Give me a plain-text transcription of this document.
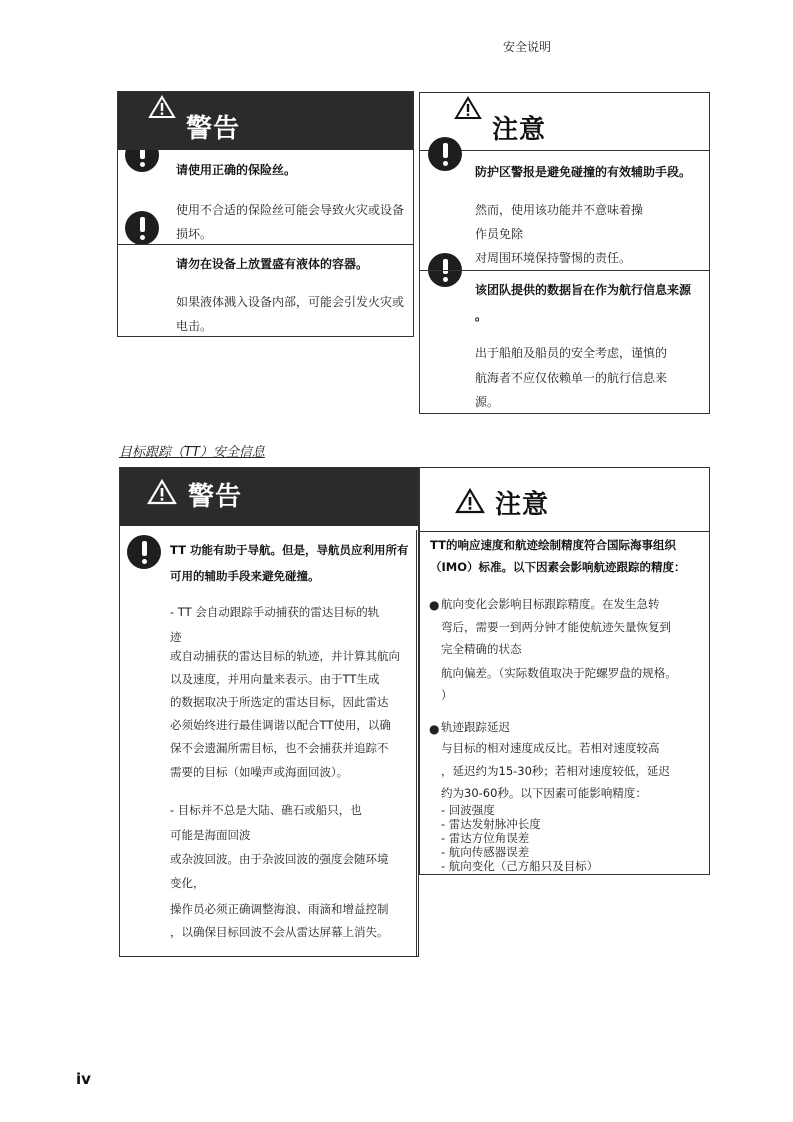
安全说明
iv
警告
请使用正确的保险丝。
使用不合适的保险丝可能会导致火灾或设备
损坏。
请勿在设备上放置盛有液体的容器。
如果液体溅入设备内部，可能会引发火灾或
电击。
注意
防护区警报是避免碰撞的有效辅助手段。
然而，使用该功能并不意味着操
作员免除
对周围环境保持警惕的责任。
该团队提供的数据旨在作为航行信息来源
。
出于船舶及船员的安全考虑，谨慎的
航海者不应仅依赖单一的航行信息来
源。
目标跟踪（TT）安全信息
警告
TT 功能有助于导航。但是，导航员应利用所有
可用的辅助手段来避免碰撞。
- TT 会自动跟踪手动捕获的雷达目标的轨
迹
或自动捕获的雷达目标的轨迹，并计算其航向
以及速度，并用向量来表示。由于TT生成
的数据取决于所选定的雷达目标，因此雷达
必须始终进行最佳调谐以配合TT使用，以确
保不会遗漏所需目标，也不会捕获并追踪不
需要的目标（如噪声或海面回波）。
- 目标并不总是大陆、礁石或船只，也
可能是海面回波
或杂波回波。由于杂波回波的强度会随环境
变化，
操作员必须正确调整海浪、雨滴和增益控制
，以确保目标回波不会从雷达屏幕上消失。
注意
TT的响应速度和航迹绘制精度符合国际海事组织
（IMO）标准。以下因素会影响航迹跟踪的精度：
● 航向变化会影响目标跟踪精度。在发生急转
弯后，需要一到两分钟才能使航迹矢量恢复到
完全精确的状态
航向偏差。（实际数值取决于陀螺罗盘的规格。
）
● 轨迹跟踪延迟
与目标的相对速度成反比。若相对速度较高
，延迟约为15-30秒；若相对速度较低，延迟
约为30-60秒。以下因素可能影响精度：
- 回波强度
- 雷达发射脉冲长度
- 雷达方位角误差
- 航向传感器误差
- 航向变化（己方船只及目标）
